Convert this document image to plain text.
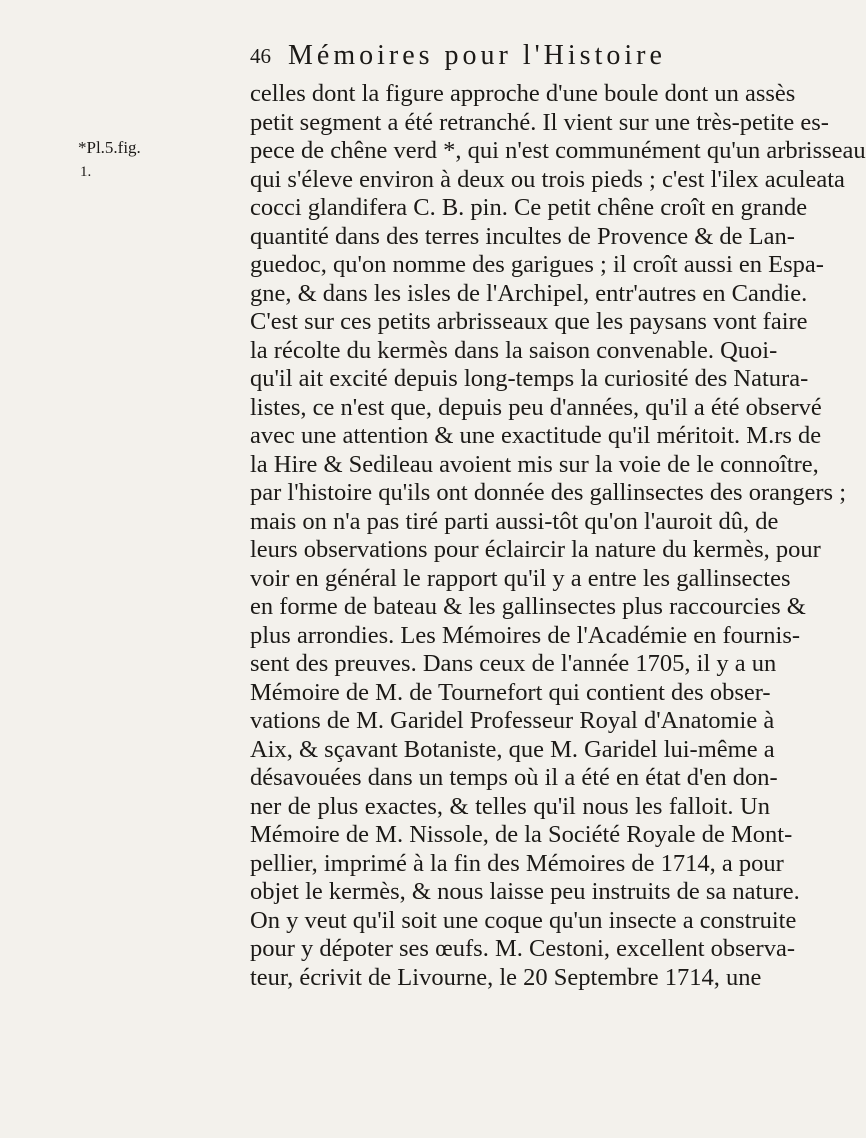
46 Mémoires pour l'Histoire
*Pl.5.fig.
1.
celles dont la figure approche d'une boule dont un assès
petit segment a été retranché. Il vient sur une très-petite es-
pece de chêne verd *, qui n'est communément qu'un arbrisseau
qui s'éleve environ à deux ou trois pieds ; c'est l'ilex aculeata
cocci glandifera C. B. pin. Ce petit chêne croît en grande
quantité dans des terres incultes de Provence & de Lan-
guedoc, qu'on nomme des garigues ; il croît aussi en Espa-
gne, & dans les isles de l'Archipel, entr'autres en Candie.
C'est sur ces petits arbrisseaux que les paysans vont faire
la récolte du kermès dans la saison convenable. Quoi-
qu'il ait excité depuis long-temps la curiosité des Natura-
listes, ce n'est que, depuis peu d'années, qu'il a été observé
avec une attention & une exactitude qu'il méritoit. M.rs de
la Hire & Sedileau avoient mis sur la voie de le connoître,
par l'histoire qu'ils ont donnée des gallinsectes des orangers ;
mais on n'a pas tiré parti aussi-tôt qu'on l'auroit dû, de
leurs observations pour éclaircir la nature du kermès, pour
voir en général le rapport qu'il y a entre les gallinsectes
en forme de bateau & les gallinsectes plus raccourcies &
plus arrondies. Les Mémoires de l'Académie en fournis-
sent des preuves. Dans ceux de l'année 1705, il y a un
Mémoire de M. de Tournefort qui contient des obser-
vations de M. Garidel Professeur Royal d'Anatomie à
Aix, & sçavant Botaniste, que M. Garidel lui-même a
désavouées dans un temps où il a été en état d'en don-
ner de plus exactes, & telles qu'il nous les falloit. Un
Mémoire de M. Nissole, de la Société Royale de Mont-
pellier, imprimé à la fin des Mémoires de 1714, a pour
objet le kermès, & nous laisse peu instruits de sa nature.
On y veut qu'il soit une coque qu'un insecte a construite
pour y dépoter ses œufs. M. Cestoni, excellent observa-
teur, écrivit de Livourne, le 20 Septembre 1714, une
